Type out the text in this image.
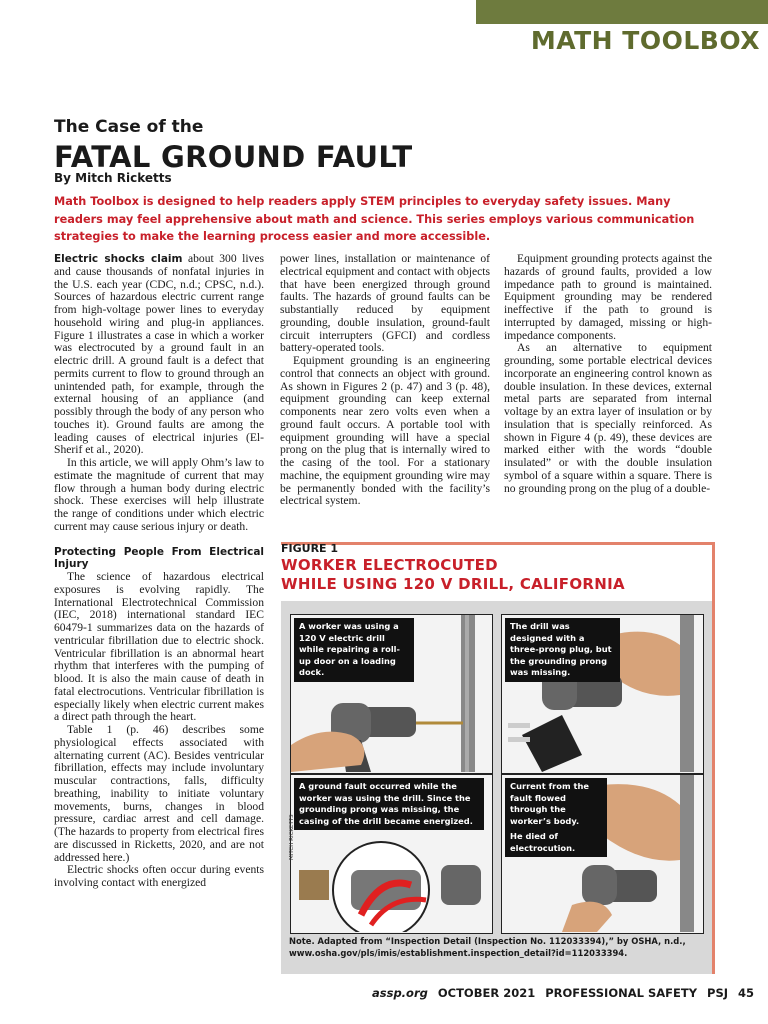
MATH TOOLBOX
The Case of the
FATAL GROUND FAULT
By Mitch Ricketts
Math Toolbox is designed to help readers apply STEM principles to everyday safety issues. Many readers may feel apprehensive about math and science. This series employs various communication strategies to make the learning process easier and more accessible.

Electric shocks claim about 300 lives and cause thousands of nonfatal injuries in the U.S. each year (CDC, n.d.; CPSC, n.d.). Sources of hazardous electric current range from high-voltage power lines to everyday household wiring and plug-in appliances. Figure 1 illustrates a case in which a worker was electrocuted by a ground fault in an electric drill. A ground fault is a defect that permits current to flow to ground through an unintended path, for example, through the external housing of an appliance (and possibly through the body of any person who touches it). Ground faults are among the leading causes of electrical injuries (El-Sherif et al., 2020).

In this article, we will apply Ohm’s law to estimate the magnitude of current that may flow through a human body during electric shock. These exercises will help illustrate the range of conditions under which electric current may cause serious injury or death.

Protecting People From Electrical Injury

The science of hazardous electrical exposures is evolving rapidly. The International Electrotechnical Commission (IEC, 2018) international standard IEC 60479-1 summarizes data on the hazards of ventricular fibrillation due to electric shock. Ventricular fibrillation is an abnormal heart rhythm that interferes with the pumping of blood. It is also the main cause of death in fatal electrocutions. Ventricular fibrillation is especially likely when electric current makes a direct path through the heart.

Table 1 (p. 46) describes some physiological effects associated with alternating current (AC). Besides ventricular fibrillation, effects may include involuntary muscular contractions, falls, difficulty breathing, inability to initiate voluntary movements, burns, changes in blood pressure, cardiac arrest and cell damage. (The hazards to property from electrical fires are discussed in Ricketts, 2020, and are not addressed here.)

Electric shocks often occur during events involving contact with energized

power lines, installation or maintenance of electrical equipment and contact with objects that have been energized through ground faults. The hazards of ground faults can be substantially reduced by equipment grounding, double insulation, ground-fault circuit interrupters (GFCI) and cordless battery-operated tools.

Equipment grounding is an engineering control that connects an object with ground. As shown in Figures 2 (p. 47) and 3 (p. 48), equipment grounding can keep external components near zero volts even when a ground fault occurs. A portable tool with equipment grounding will have a special prong on the plug that is internally wired to the casing of the tool. For a stationary machine, the equipment grounding wire may be permanently bonded with the facility’s electrical system.

Equipment grounding protects against the hazards of ground faults, provided a low impedance path to ground is maintained. Equipment grounding may be rendered ineffective if the path to ground is interrupted by damaged, missing or high-impedance components.

As an alternative to equipment grounding, some portable electrical devices incorporate an engineering control known as double insulation. In these devices, external metal parts are separated from internal voltage by an extra layer of insulation or by insulation that is specially reinforced. As shown in Figure 4 (p. 49), these devices are marked either with the words “double insulated” or with the double insulation symbol of a square within a square. There is no grounding prong on the plug of a double-

FIGURE 1
WORKER ELECTROCUTED
WHILE USING 120 V DRILL, CALIFORNIA
A worker was using a 120 V electric drill while repairing a roll-up door on a loading dock.
The drill was designed with a three-prong plug, but the grounding prong was missing.
A ground fault occurred while the worker was using the drill. Since the grounding prong was missing, the casing of the drill became energized.
Current from the fault flowed through the worker’s body.
He died of electrocution.
MITCH RICKETTS
Note. Adapted from “Inspection Detail (Inspection No. 112033394),” by OSHA, n.d., www.osha.gov/pls/imis/establishment.inspection_detail?id=112033394.
assp.org OCTOBER 2021 PROFESSIONAL SAFETY PSJ 45
